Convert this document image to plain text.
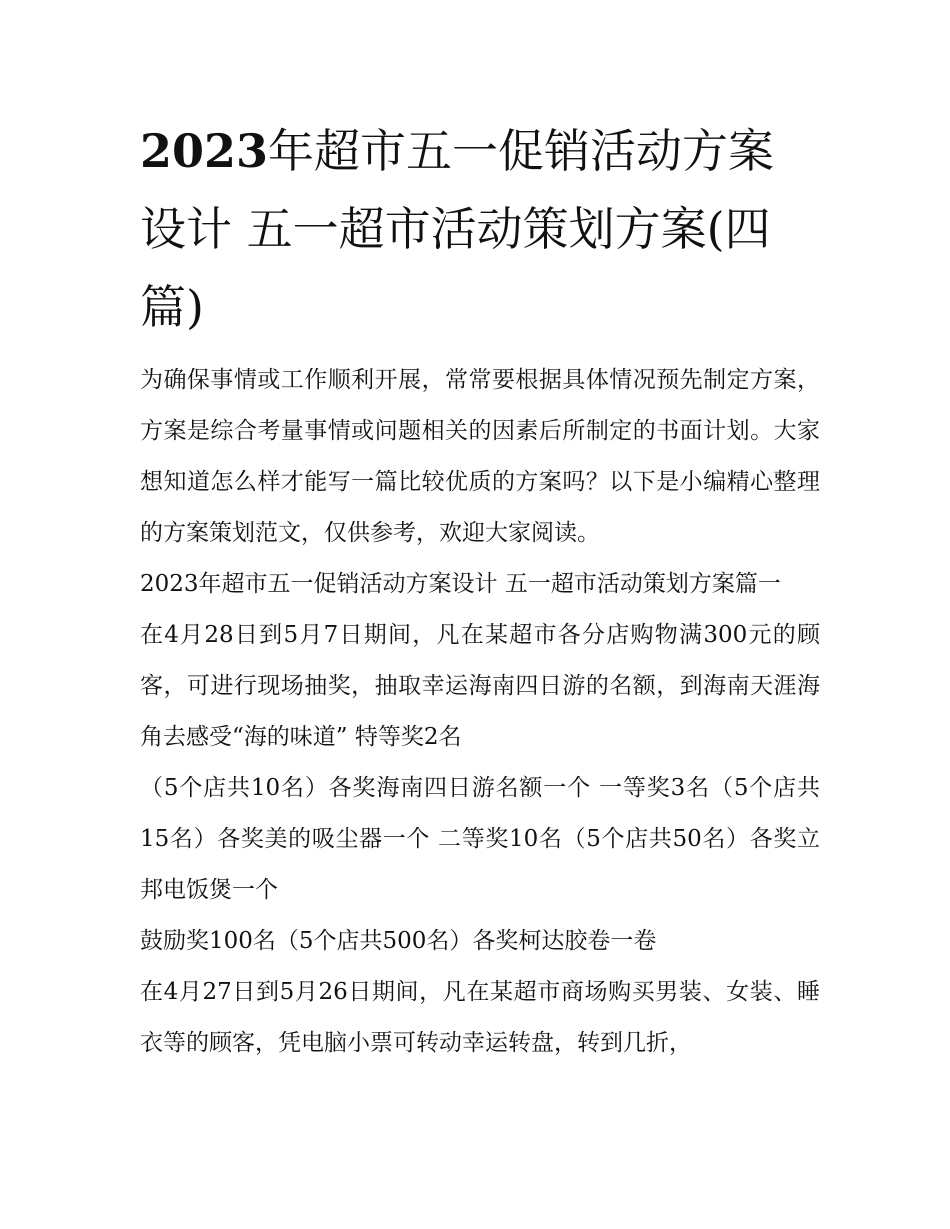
2023年超市五一促销活动方案设计 五一超市活动策划方案(四篇)

为确保事情或工作顺利开展，常常要根据具体情况预先制定方案，方案是综合考量事情或问题相关的因素后所制定的书面计划。大家想知道怎么样才能写一篇比较优质的方案吗？以下是小编精心整理的方案策划范文，仅供参考，欢迎大家阅读。

2023年超市五一促销活动方案设计 五一超市活动策划方案篇一

在4月28日到5月7日期间，凡在某超市各分店购物满300元的顾客，可进行现场抽奖，抽取幸运海南四日游的名额，到海南天涯海角去感受“海的味道” 特等奖2名

（5个店共10名）各奖海南四日游名额一个 一等奖3名（5个店共15名）各奖美的吸尘器一个 二等奖10名（5个店共50名）各奖立邦电饭煲一个

鼓励奖100名（5个店共500名）各奖柯达胶卷一卷

在4月27日到5月26日期间，凡在某超市商场购买男装、女装、睡衣等的顾客，凭电脑小票可转动幸运转盘，转到几折，
